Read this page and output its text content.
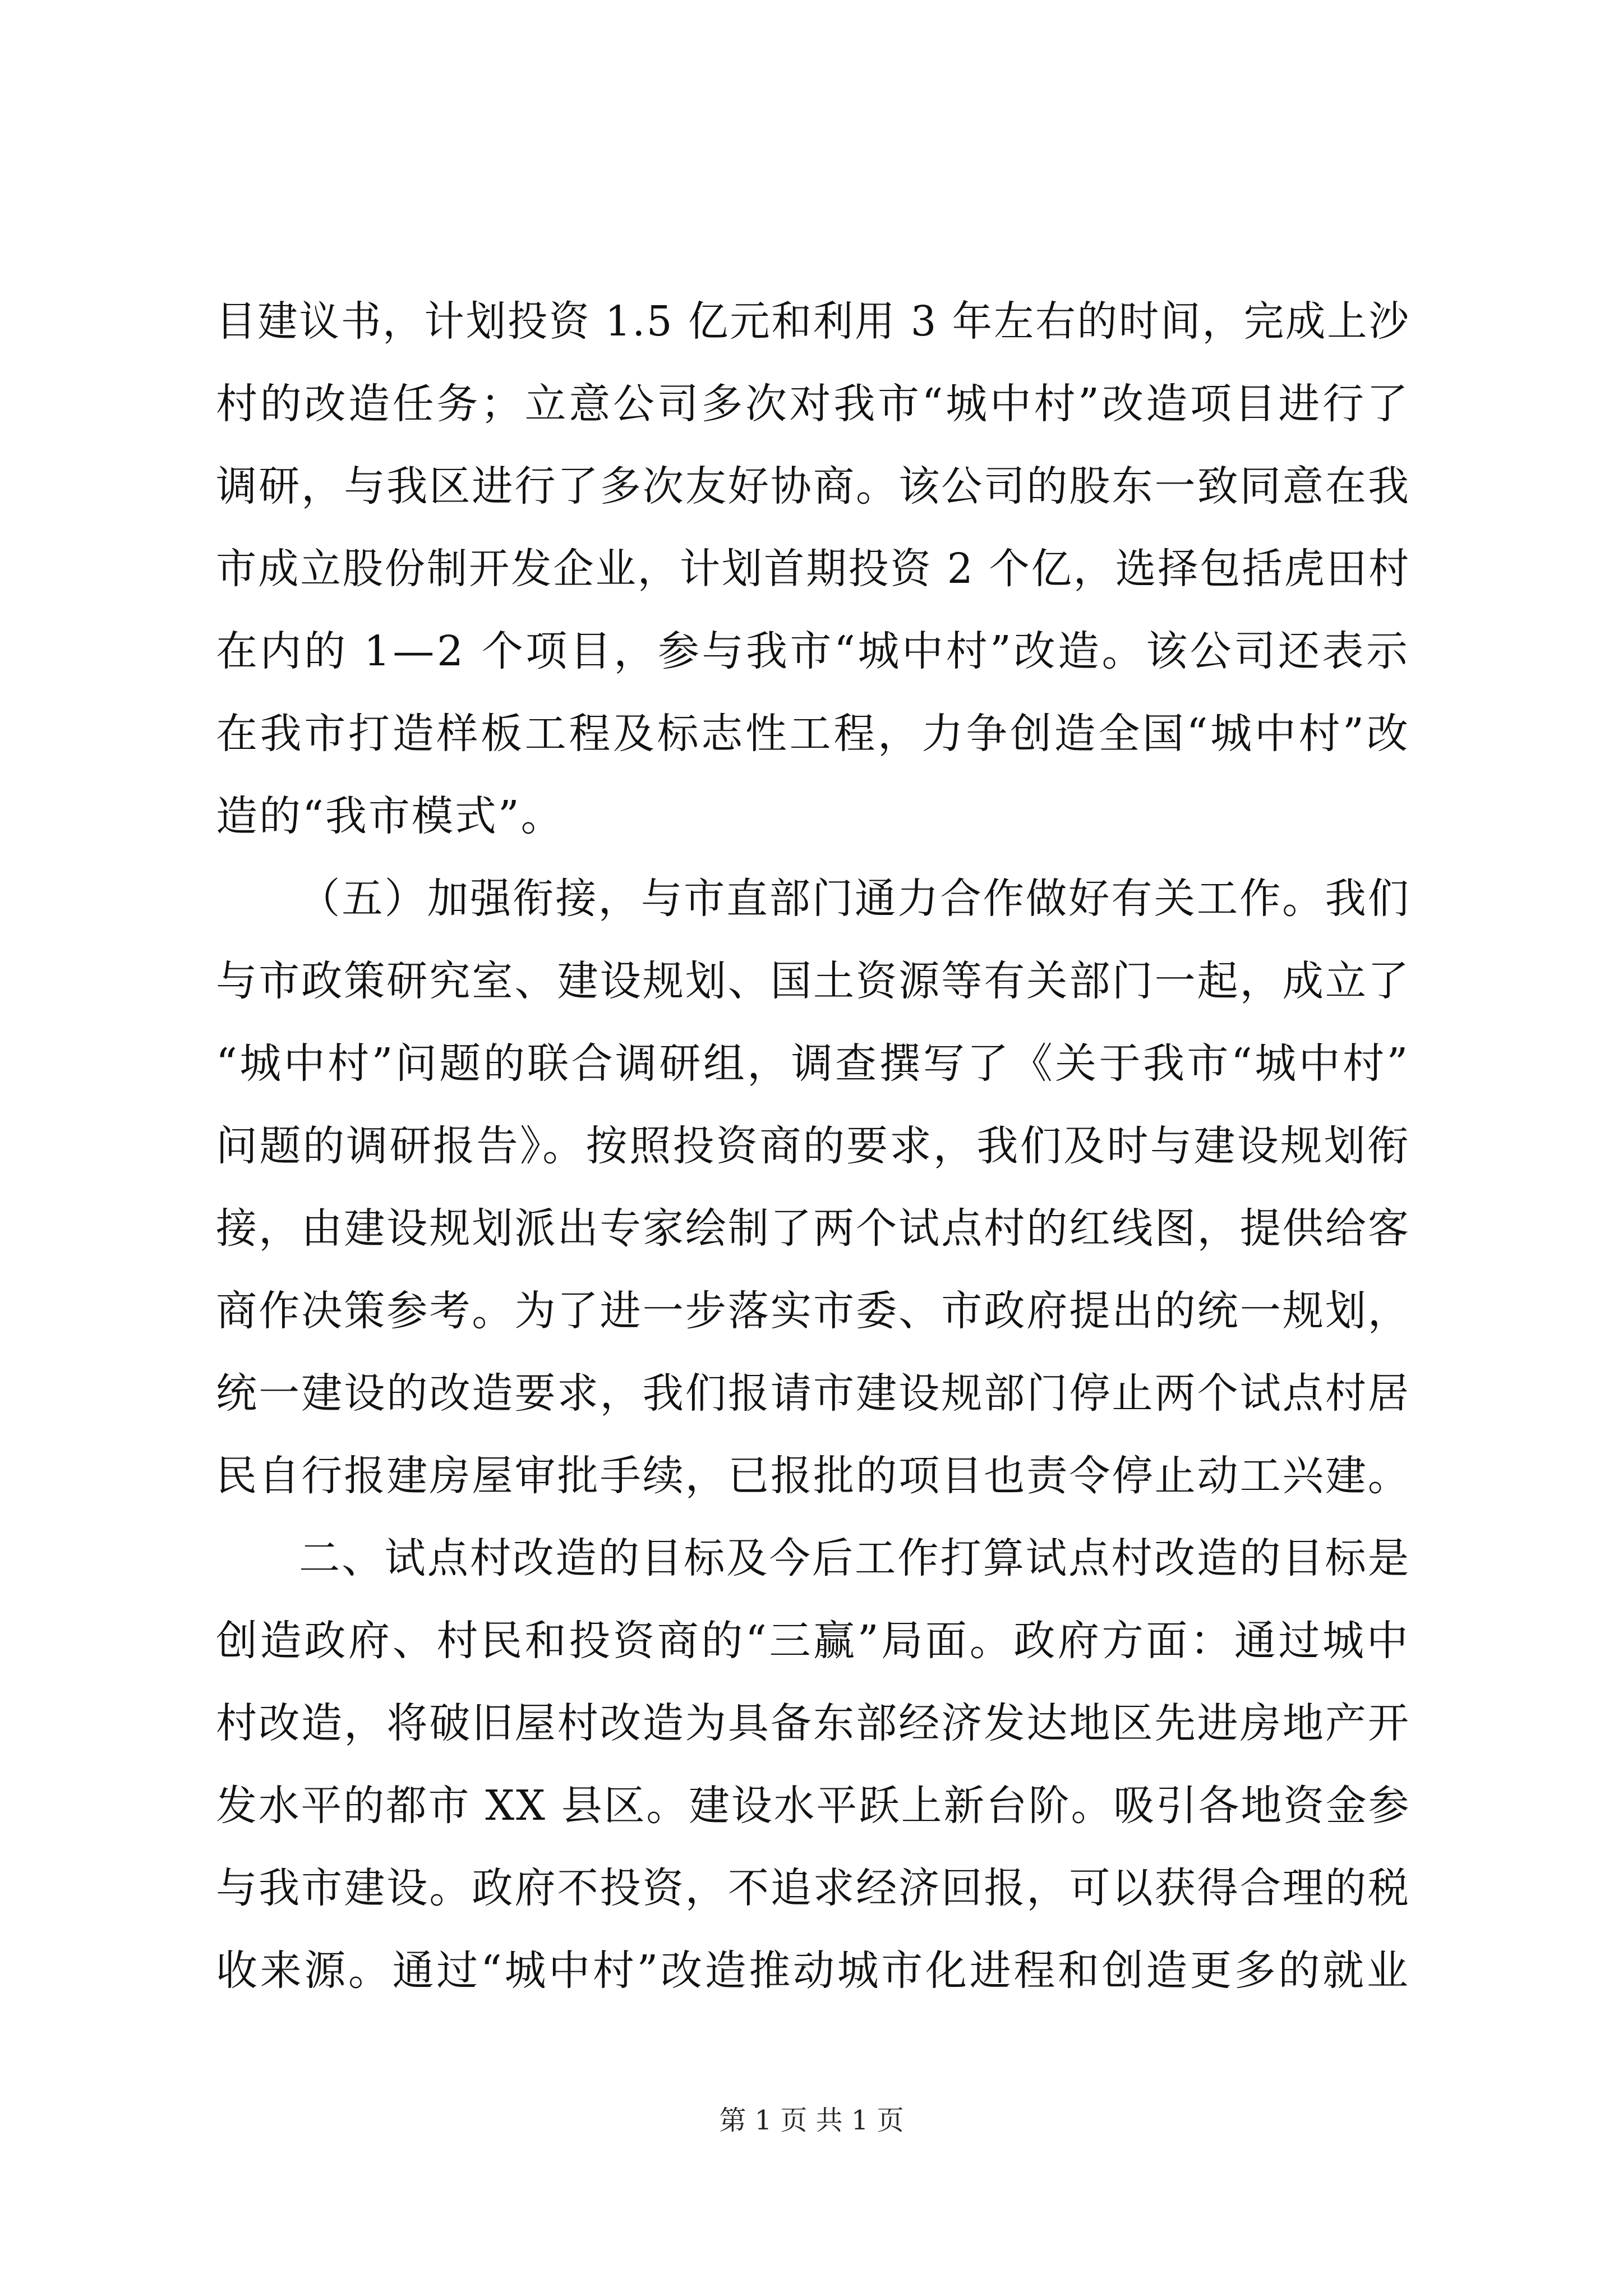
目建议书，计划投资 1.5 亿元和利用 3 年左右的时间，完成上沙
村的改造任务；立意公司多次对我市“城中村”改造项目进行了
调研，与我区进行了多次友好协商。该公司的股东一致同意在我
市成立股份制开发企业，计划首期投资 2 个亿，选择包括虎田村
在内的 1—2 个项目，参与我市“城中村”改造。该公司还表示
在我市打造样板工程及标志性工程，力争创造全国“城中村”改
造的“我市模式”。
（五）加强衔接，与市直部门通力合作做好有关工作。我们
与市政策研究室、建设规划、国土资源等有关部门一起，成立了
“城中村”问题的联合调研组，调查撰写了《关于我市“城中村”
问题的调研报告》。按照投资商的要求，我们及时与建设规划衔
接，由建设规划派出专家绘制了两个试点村的红线图，提供给客
商作决策参考。为了进一步落实市委、市政府提出的统一规划，
统一建设的改造要求，我们报请市建设规部门停止两个试点村居
民自行报建房屋审批手续，已报批的项目也责令停止动工兴建。
二、试点村改造的目标及今后工作打算试点村改造的目标是
创造政府、村民和投资商的“三赢”局面。政府方面：通过城中
村改造，将破旧屋村改造为具备东部经济发达地区先进房地产开
发水平的都市 XX 县区。建设水平跃上新台阶。吸引各地资金参
与我市建设。政府不投资，不追求经济回报，可以获得合理的税
收来源。通过“城中村”改造推动城市化进程和创造更多的就业
第 1 页 共 1 页
